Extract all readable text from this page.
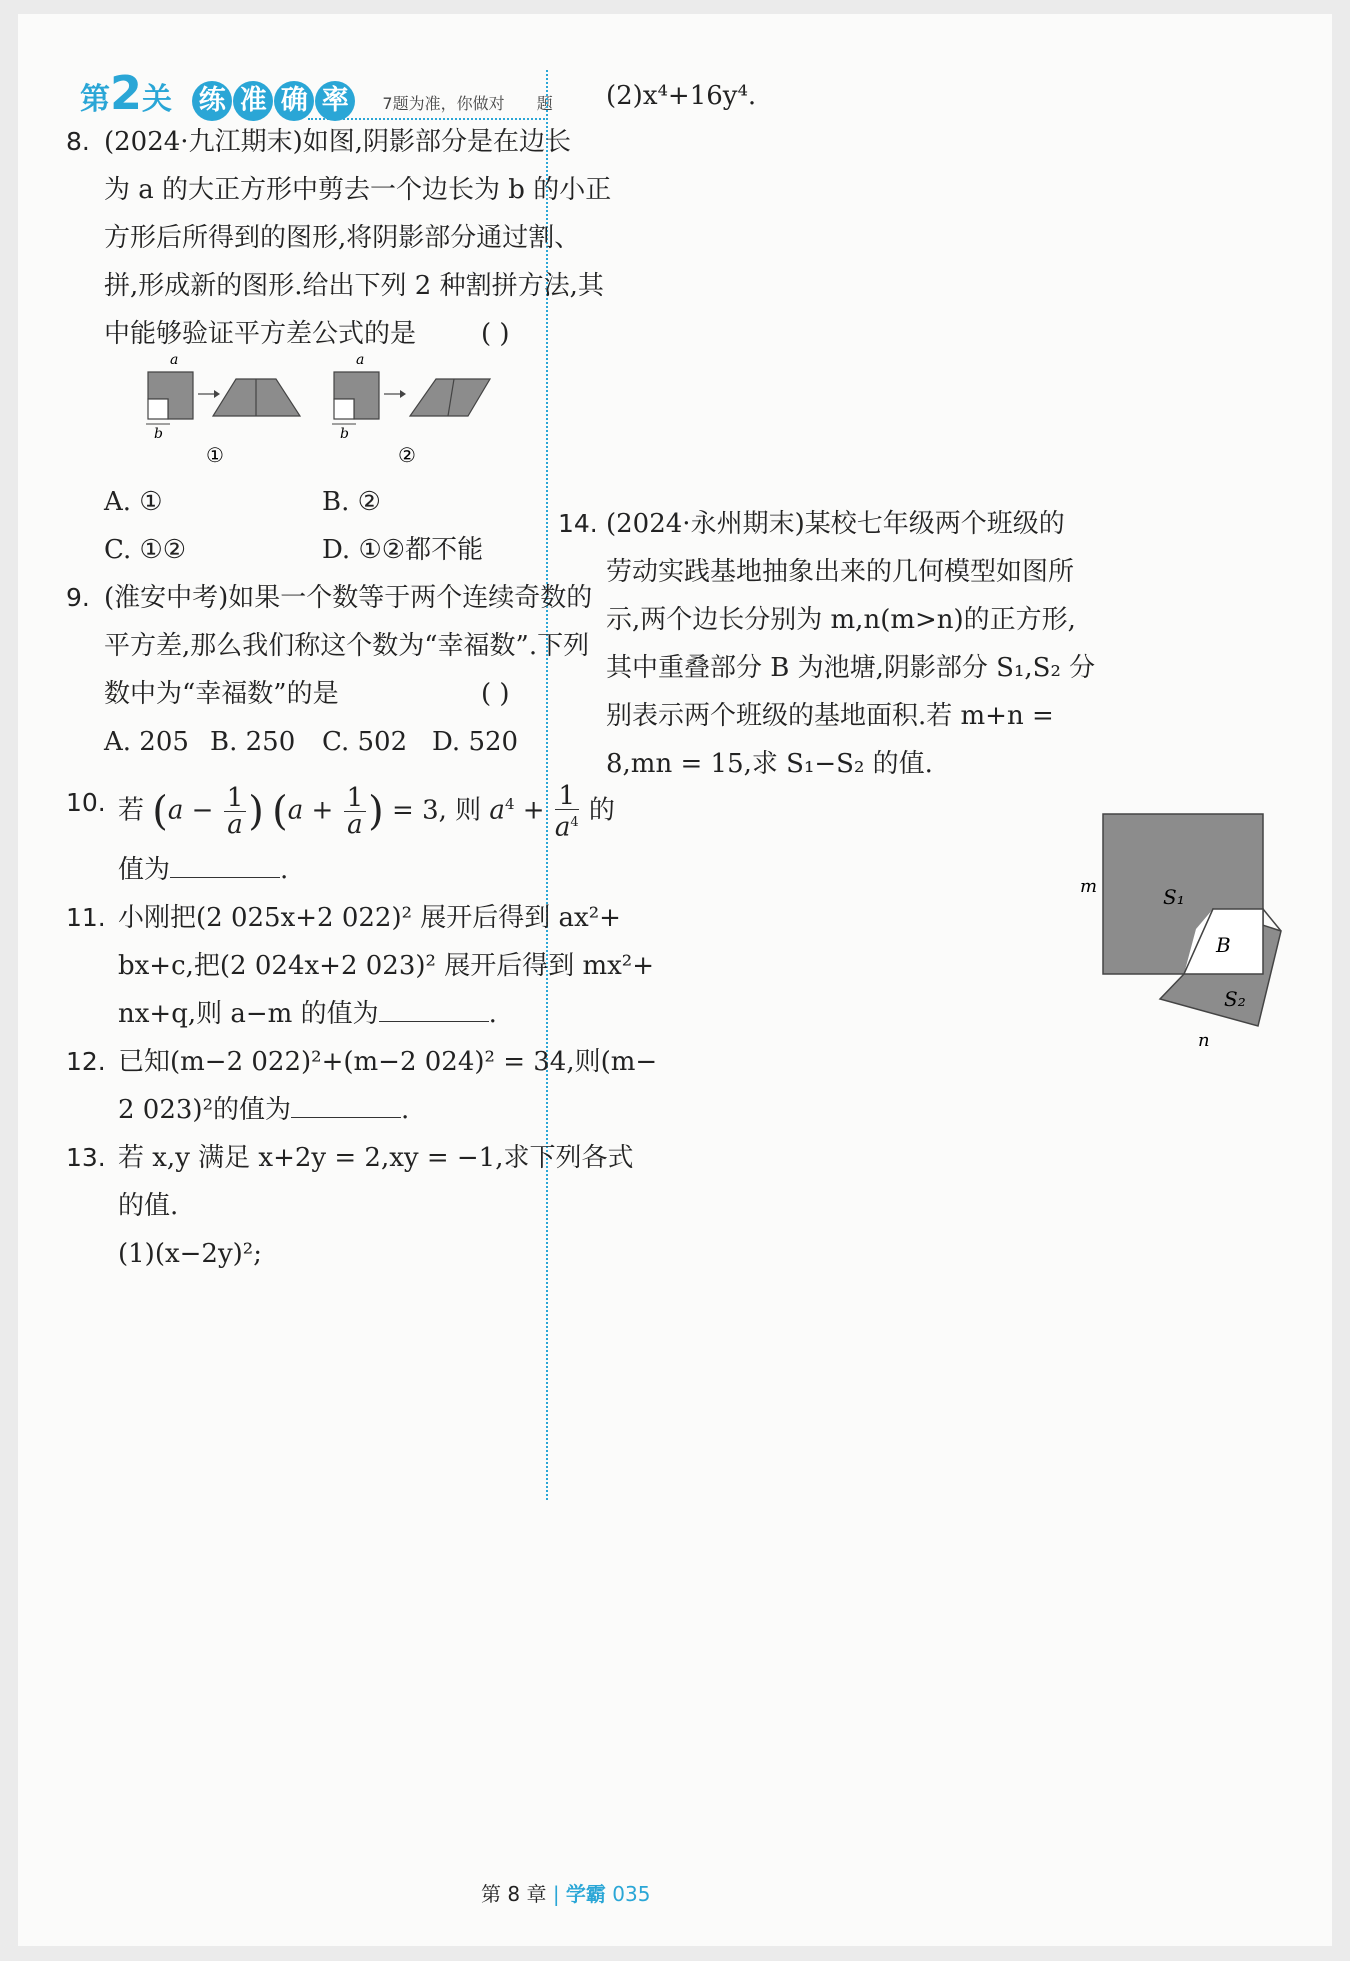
第2关 练 准 确 率 7题为准，你做对 题
8. (2024·九江期末)如图,阴影部分是在边长
为 a 的大正方形中剪去一个边长为 b 的小正
方形后所得到的图形,将阴影部分通过割、
拼,形成新的图形.给出下列 2 种割拼方法,其
中能够验证平方差公式的是	( )
a
b
①
a
b
②
A. ①	B. ②
C. ①②	D. ①②都不能
9. (淮安中考)如果一个数等于两个连续奇数的
平方差,那么我们称这个数为“幸福数”.下列
数中为“幸福数”的是	( )
A. 205 B. 250 C. 502 D. 520
10. 若 ($a - \frac{1}{a}$ ) ($a + \frac{1}{a}$ ) = 3, 则 $a^4 + \frac{1}{a^4}$ 的
值为	.
11. 小刚把(2 025x+2 022)² 展开后得到 ax²+
bx+c,把(2 024x+2 023)² 展开后得到 mx²+
nx+q,则 a−m 的值为	.
12. 已知(m−2 022)²+(m−2 024)² = 34,则(m−
2 023)²的值为	.
13. 若 x,y 满足 x+2y = 2,xy = −1,求下列各式
的值.
(1)(x−2y)²;
(2)x⁴+16y⁴.
14. (2024·永州期末)某校七年级两个班级的
劳动实践基地抽象出来的几何模型如图所
示,两个边长分别为 m,n(m>n)的正方形,
其中重叠部分 B 为池塘,阴影部分 S₁,S₂ 分
别表示两个班级的基地面积.若 m+n =
8,mn = 15,求 S₁−S₂ 的值.
m	S₁
B
S₂
n
第 8 章 | 学霸 035
